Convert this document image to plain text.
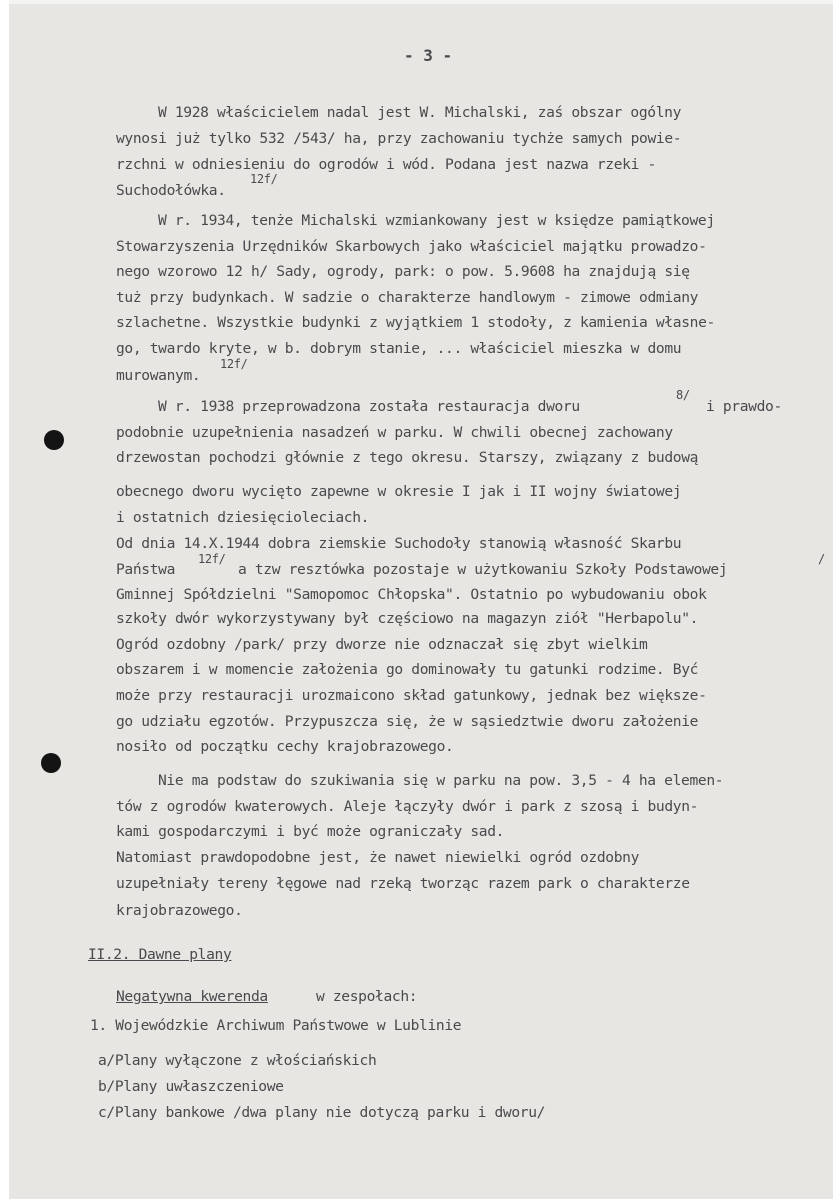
- 3 -
W 1928 właścicielem nadal jest W. Michalski, zaś obszar ogólny
wynosi już tylko 532 /543/ ha, przy zachowaniu tychże samych powie-
rzchni w odniesieniu do ogrodów i wód. Podana jest nazwa rzeki -
Suchodołówka.
12f/
W r. 1934, tenże Michalski wzmiankowany jest w księdze pamiątkowej
Stowarzyszenia Urzędników Skarbowych jako właściciel majątku prowadzo-
nego wzorowo 12 h/ Sady, ogrody, park: o pow. 5.9608 ha znajdują się
tuż przy budynkach. W sadzie o charakterze handlowym - zimowe odmiany
szlachetne. Wszystkie budynki z wyjątkiem 1 stodoły, z kamienia własne-
go, twardo kryte, w b. dobrym stanie, ... właściciel mieszka w domu
murowanym.
12f/
W r. 1938 przeprowadzona została restauracja dworu
8/
i prawdo-
podobnie uzupełnienia nasadzeń w parku. W chwili obecnej zachowany
drzewostan pochodzi głównie z tego okresu. Starszy, związany z budową
obecnego dworu wycięto zapewne w okresie I jak i II wojny światowej
i ostatnich dziesięcioleciach.
Od dnia 14.X.1944 dobra ziemskie Suchodoły stanowią własność Skarbu
Państwa
12f/
a tzw resztówka pozostaje w użytkowaniu Szkoły Podstawowej
/
Gminnej Spółdzielni "Samopomoc Chłopska". Ostatnio po wybudowaniu obok
szkoły dwór wykorzystywany był częściowo na magazyn ziół "Herbapolu".
Ogród ozdobny /park/ przy dworze nie odznaczał się zbyt wielkim
obszarem i w momencie założenia go dominowały tu gatunki rodzime. Być
może przy restauracji urozmaicono skład gatunkowy, jednak bez większe-
go udziału egzotów. Przypuszcza się, że w sąsiedztwie dworu założenie
nosiło od początku cechy krajobrazowego.
Nie ma podstaw do szukiwania się w parku na pow. 3,5 - 4 ha elemen-
tów z ogrodów kwaterowych. Aleje łączyły dwór i park z szosą i budyn-
kami gospodarczymi i być może ograniczały sad.
Natomiast prawdopodobne jest, że nawet niewielki ogród ozdobny
uzupełniały tereny łęgowe nad rzeką tworząc razem park o charakterze
krajobrazowego.
II.2. Dawne plany
Negatywna kwerenda	w zespołach:
1. Wojewódzkie Archiwum Państwowe w Lublinie
a/Plany wyłączone z włościańskich
b/Plany uwłaszczeniowe
c/Plany bankowe /dwa plany nie dotyczą parku i dworu/
